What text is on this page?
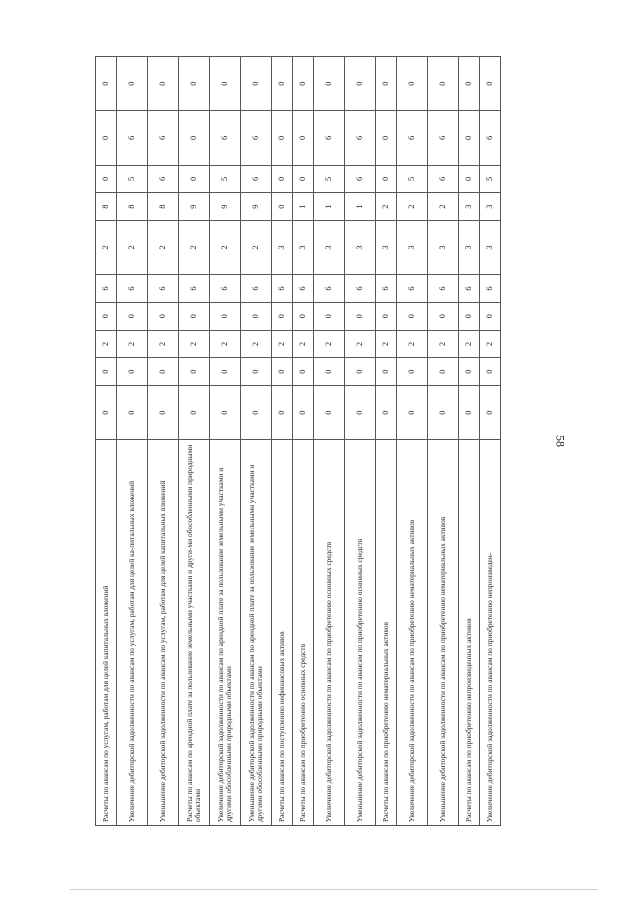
58
Расчеты по авансам по услугам, работам для целей капитальных вложений	0	0	2	0	6	2	8	0	0	0
Увеличение дебиторской задолженности по авансам по услугам, работам для целей ка-питальных вложений	0	0	2	0	6	2	8	5	6	0
Уменьшение дебиторской задолженности по авансам по услугам, работам для целей капитальных вложений	0	0	2	0	6	2	8	6	6	0
Расчеты по авансам по арендной плате за пользование земельными участками и други-ми обособленными природными объектами	0	0	2	0	6	2	9	0	0	0
Увеличение дебиторской задолженности по авансам по арендной плате за пользование земельными участками и другими обособленными природными объектами	0	0	2	0	6	2	9	5	6	0
Уменьшение дебиторской задолженности по авансам по арендной плате за пользование земельными участками и другими обособленными природными объектами	0	0	2	0	6	2	9	6	6	0
Расчеты по авансам по поступлению нефинансовых активов	0	0	2	0	6	3	0	0	0	0
Расчеты по авансам по приобретению основных средств	0	0	2	0	6	3	1	0	0	0
Увеличение дебиторской задолженности по авансам по приобретению основных средств	0	0	2	0	6	3	1	5	6	0
Уменьшение дебиторской задолженности по авансам по приобретению основных средств	0	0	2	0	6	3	1	6	6	0
Расчеты по авансам по приобретению нематериальных активов	0	0	2	0	6	3	2	0	0	0
Увеличение дебиторской задолженности по авансам по приобретению нематериальных активов	0	0	2	0	6	3	2	5	6	0
Уменьшение дебиторской задолженности по авансам по приобретению нематериальных активов	0	0	2	0	6	3	2	6	6	0
Расчеты по авансам по приобретению непроизведенных активов	0	0	2	0	6	3	3	0	0	0
Увеличение дебиторской задолженности по авансам по приобретению непроизведен-	0	0	2	0	6	3	3	5	6	0
